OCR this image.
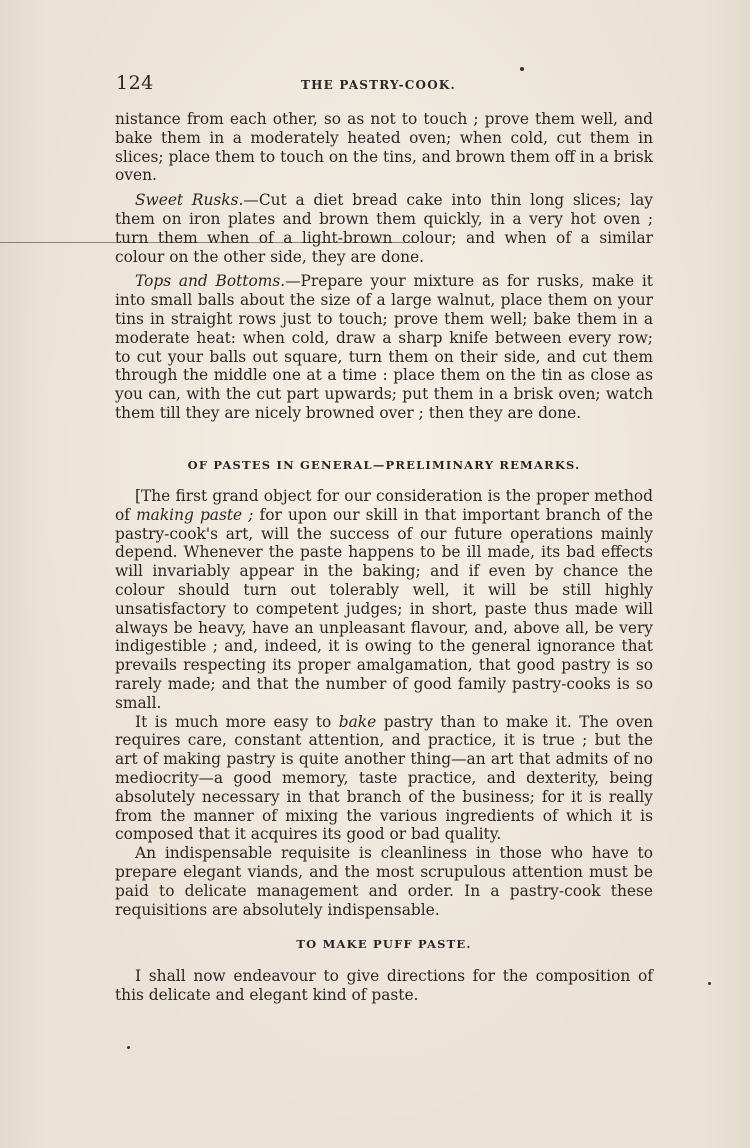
124	THE PASTRY-COOK.

nistance from each other, so as not to touch ; prove them well, and bake them in a moderately heated oven; when cold, cut them in slices; place them to touch on the tins, and brown them off in a brisk oven.

Sweet Rusks.—Cut a diet bread cake into thin long slices; lay them on iron plates and brown them quickly, in a very hot oven ; turn them when of a light-brown colour; and when of a similar colour on the other side, they are done.

Tops and Bottoms.—Prepare your mixture as for rusks, make it into small balls about the size of a large walnut, place them on your tins in straight rows just to touch; prove them well; bake them in a moderate heat: when cold, draw a sharp knife between every row; to cut your balls out square, turn them on their side, and cut them through the middle one at a time : place them on the tin as close as you can, with the cut part upwards; put them in a brisk oven; watch them till they are nicely browned over ; then they are done.

OF PASTES IN GENERAL—PRELIMINARY REMARKS.

[The first grand object for our consideration is the proper method of making paste ; for upon our skill in that important branch of the pastry-cook's art, will the success of our future operations mainly depend. Whenever the paste happens to be ill made, its bad effects will invariably appear in the baking; and if even by chance the colour should turn out tolerably well, it will be still highly unsatisfactory to competent judges; in short, paste thus made will always be heavy, have an unpleasant flavour, and, above all, be very indigestible ; and, indeed, it is owing to the general ignorance that prevails respecting its proper amalgamation, that good pastry is so rarely made; and that the number of good family pastry-cooks is so small.

It is much more easy to bake pastry than to make it. The oven requires care, constant attention, and practice, it is true ; but the art of making pastry is quite another thing—an art that admits of no mediocrity—a good memory, taste practice, and dexterity, being absolutely necessary in that branch of the business; for it is really from the manner of mixing the various ingredients of which it is composed that it acquires its good or bad quality.

An indispensable requisite is cleanliness in those who have to prepare elegant viands, and the most scrupulous attention must be paid to delicate management and order. In a pastry-cook these requisitions are absolutely indispensable.

TO MAKE PUFF PASTE.

I shall now endeavour to give directions for the composition of this delicate and elegant kind of paste.
